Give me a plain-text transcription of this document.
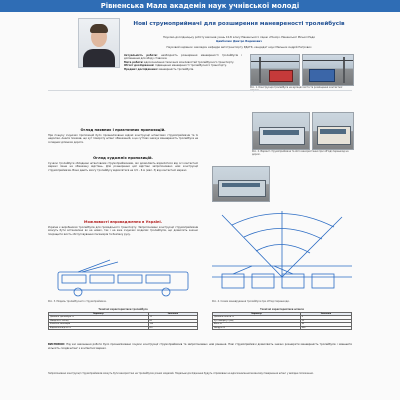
Рівненська Мала академія наук учнівської молоді
Нові струмоприймачі для розширення маневреності тролейбусів
Науково-дослідницьку роботу виконав учень 10-Б класу Рівненського ліцею «Юніор» Рівненської Міської Ради
Цимбалюк Дмитро Вадимович
Науковий керівник: викладач кафедри автотранспорту РДАТК, кандидат наук Мельник Андрій Петрович
Актуальність роботи: необхідність розширення маневреності тролейбусів і доповнення для збору ставочки.
Мета роботи: вдосконалення технічних можливостей тролейбусного транспорту.
Об'єкт дослідження: підвищення маневреності тролейбусного транспорту.
Предмет дослідження: маневреність тролейбусів.
Рис. 1. Конструкція тролейбуса на вулицях міста та розміщення контактної
Огляд наявних і практичних пропозицій.
При пошуку існуючих пропозицій було проаналізовано відомі конструкції штангових струмоприймачів та їх недоліки. Аналіз показав, що кут повороту штанг обмежений, а це суттєво знижує маневреність тролейбуса на складних ділянках дороги.
Огляд художніх пропозицій.
Сучасні тролейбуси обладнані штанговими струмоприймачами, які дозволяють відхилятися від осі контактної мережі лише на обмежену відстань. Для розширення цієї відстані запропоновано нові конструкції струмоприймачів. Вони дають змогу тролейбусу відхилятися на 4,5 – 6 м (мал. 3) від контактної мережі.
Можливості впровадження в Україні.
Україна є виробником тролейбусів для громадського транспорту. Запропоновані конструкції струмоприймачів можуть бути встановлені як на нових, так і на вже існуючих моделях тролейбусів, що дозволить значно покращити якість обслуговування пасажирів та безпеку руху.
Рис. 2. Варіант струмоприймача та його використання при об'їзді перешкод на дорозі.
Рис. 3. Модель тролейбусного струмоприймача.	Рис. 4. Схема маневрування тролейбуса при об'їзді перешкоди.
Технічні характеристики тролейбуса
Параметр	Значення
Довжина тролейбуса, м	12
Швидкість, км/год	60
Кількість пасажирів	100
Відхилення від осі, м	4,5
Технічні характеристики штанги
Параметр	Значення
Довжина штанги, м	6
Кут повороту, град.	55
Вага, кг	45
Напруга, В	600
ВИСНОВОК: Під час виконання роботи було проаналізовано існуючі конструкції струмоприймачів та запропоновано нові рішення. Нові струмоприймачі дозволяють значно розширити маневреність тролейбусів і зменшити кількість сходів штанг з контактної мережі.
Запропоновані конструкції струмоприймачів можуть бути використані на тролейбусах різних моделей. Подальші дослідження будуть спрямовані на вдосконалення механізму повернення штанг у вихідне положення.
